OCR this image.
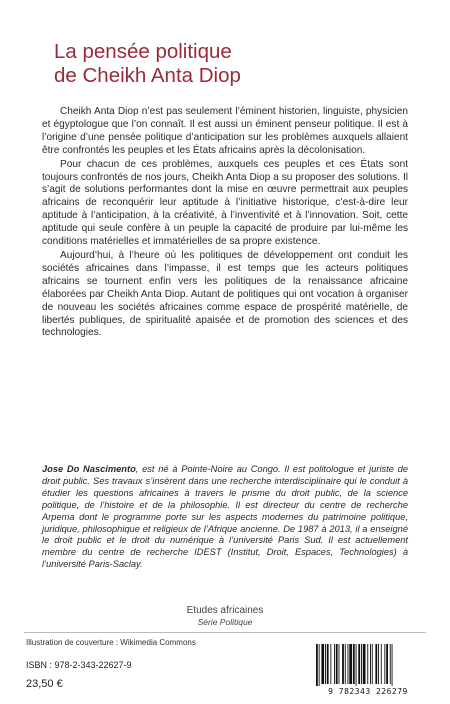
La pensée politique
de Cheikh Anta Diop

Cheikh Anta Diop n’est pas seulement l’éminent historien, linguiste, physicien et égyptologue que l’on connaît. Il est aussi un éminent penseur politique. Il est à l’origine d’une pensée politique d’anticipation sur les problèmes auxquels allaient être confrontés les peuples et les États africains après la décolonisation.

Pour chacun de ces problèmes, auxquels ces peuples et ces États sont toujours confrontés de nos jours, Cheikh Anta Diop a su proposer des solutions. Il s’agit de solutions performantes dont la mise en œuvre permettrait aux peuples africains de reconquérir leur aptitude à l’initiative historique, c’est-à-dire leur aptitude à l’anticipation, à la créativité, à l’inventivité et à l’innovation. Soit, cette aptitude qui seule confère à un peuple la capacité de produire par lui-même les conditions matérielles et immatérielles de sa propre existence.

Aujourd’hui, à l’heure où les politiques de développement ont conduit les sociétés africaines dans l’impasse, il est temps que les acteurs politiques africains se tournent enfin vers les politiques de la renaissance africaine élaborées par Cheikh Anta Diop. Autant de politiques qui ont vocation à organiser de nouveau les sociétés africaines comme espace de prospérité matérielle, de libertés publiques, de spiritualité apaisée et de promotion des sciences et des technologies.

Jose Do Nascimento, est né à Pointe-Noire au Congo. Il est politologue et juriste de droit public. Ses travaux s’insèrent dans une recherche interdisciplinaire qui le conduit à étudier les questions africaines à travers le prisme du droit public, de la science politique, de l’histoire et de la philosophie. Il est directeur du centre de recherche Arpema dont le programme porte sur les aspects modernes du patrimoine politique, juridique, philosophique et religieux de l’Afrique ancienne. De 1987 à 2013, il a enseigné le droit public et le droit du numérique à l’université Paris Sud. Il est actuellement membre du centre de recherche IDEST (Institut, Droit, Espaces, Technologies) à l’université Paris-Saclay.
Etudes africaines
Série Politique
Illustration de couverture : Wikimedia Commons
ISBN : 978-2-343-22627-9
23,50 €
9 782343 226279
